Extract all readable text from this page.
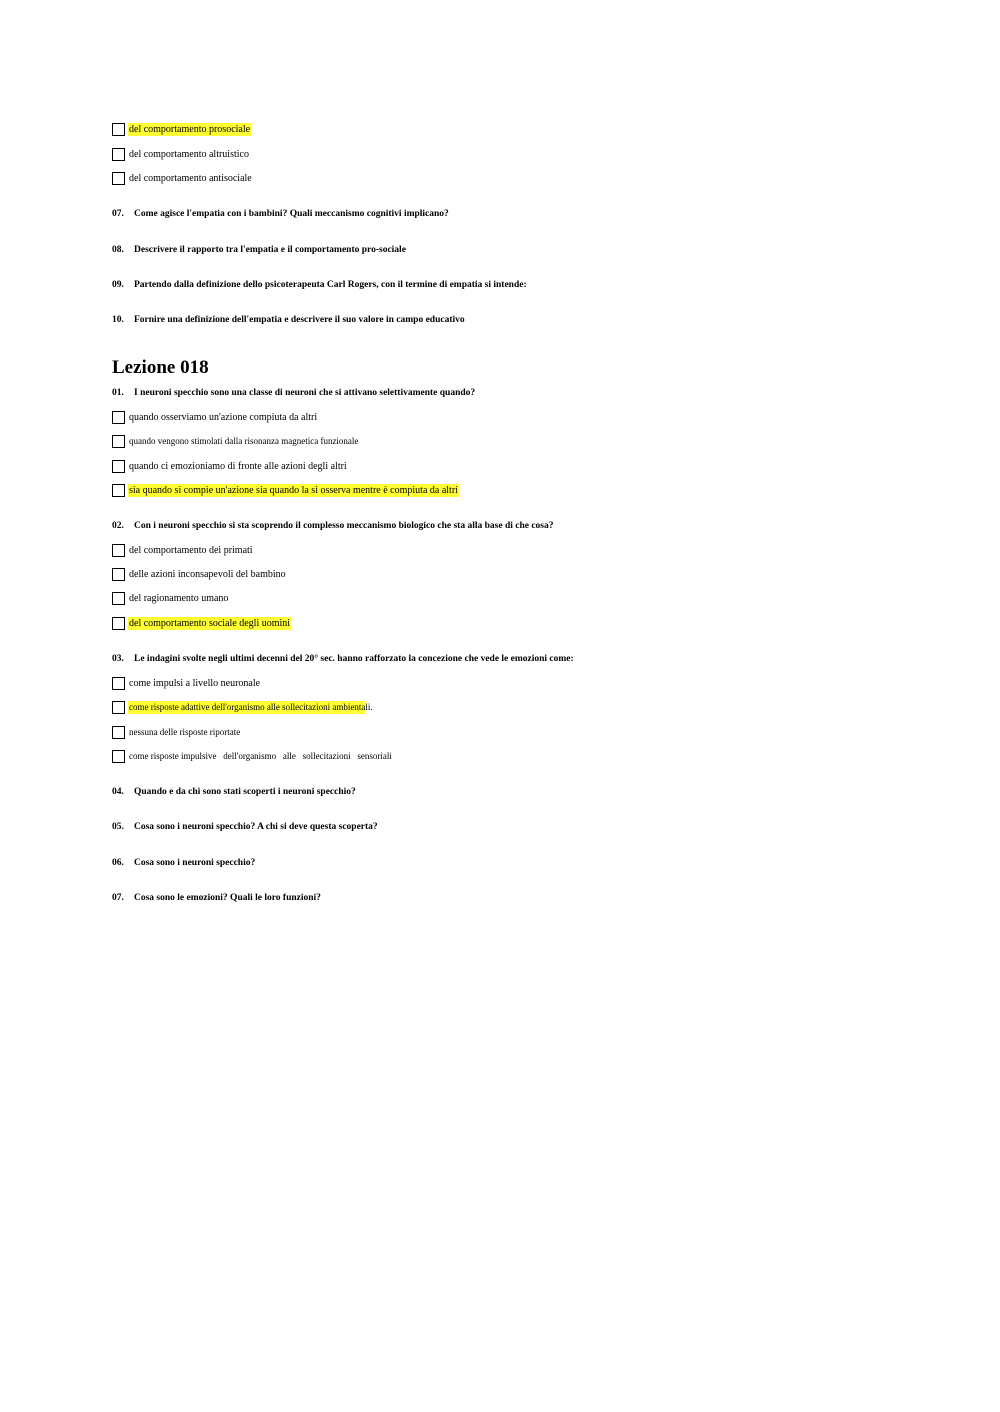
del comportamento prosociale
del comportamento altruistico
del comportamento antisociale
07.	Come agisce l'empatia con i bambini? Quali meccanismo cognitivi implicano?
08.	Descrivere il rapporto tra l'empatia e il comportamento pro-sociale
09.	Partendo dalla definizione dello psicoterapeuta Carl Rogers, con il termine di empatia si intende:
10.	Fornire una definizione dell'empatia e descrivere il suo valore in campo educativo
Lezione 018
01.	I neuroni specchio sono una classe di neuroni che si attivano selettivamente quando?
quando osserviamo un'azione compiuta da altri
quando vengono stimolati dalla risonanza magnetica funzionale
quando ci emozioniamo di fronte alle azioni degli altri
sia quando si compie un'azione sia quando la si osserva mentre è compiuta da altri
02.	Con i neuroni specchio si sta scoprendo il complesso meccanismo biologico che sta alla base di che cosa?
del comportamento dei primati
delle azioni inconsapevoli del bambino
del ragionamento umano
del comportamento sociale degli uomini
03.	Le indagini svolte negli ultimi decenni del 20° sec. hanno rafforzato la concezione che vede le emozioni come:
come impulsi a livello neuronale
come risposte adattive dell'organismo alle sollecitazioni ambienta li.
nessuna delle risposte riportate
come risposte impulsive   dell'organismo   alle   sollecitazioni   sensoriali
04.	Quando e da chi sono stati scoperti i neuroni specchio?
05.	Cosa sono i neuroni specchio? A chi si deve questa scoperta?
06.	Cosa sono i neuroni specchio?
07.	Cosa sono le emozioni? Quali le loro funzioni?
